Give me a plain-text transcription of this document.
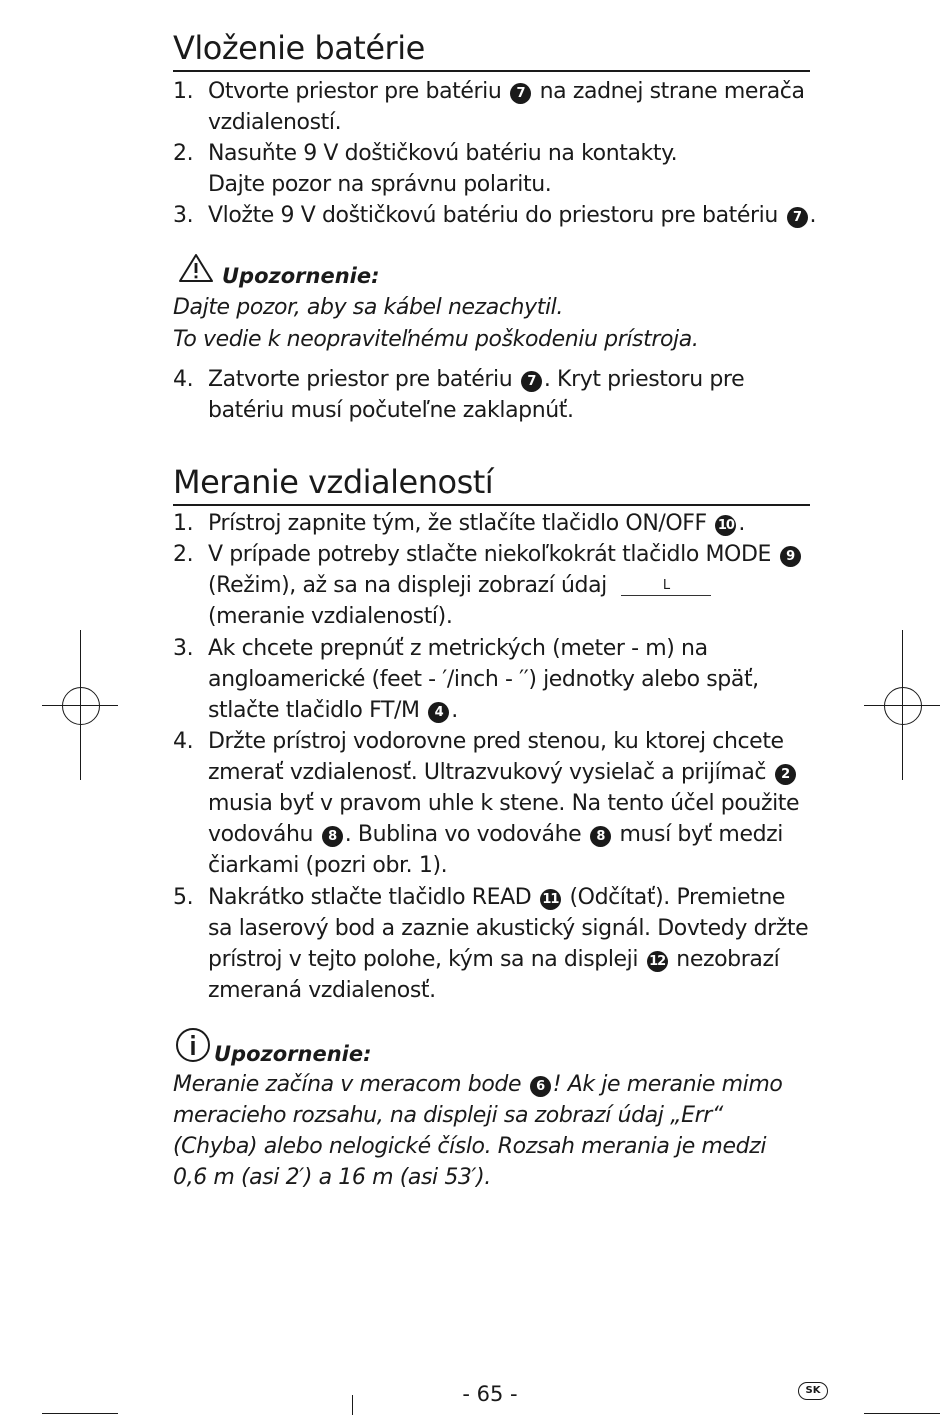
Vloženie batérie
1. Otvorte priestor pre batériu 7 na zadnej strane merača
vzdialeností.
2. Nasuňte 9 V doštičkovú batériu na kontakty.
Dajte pozor na správnu polaritu.
3. Vložte 9 V doštičkovú batériu do priestoru pre batériu 7 .
Upozornenie:
Dajte pozor, aby sa kábel nezachytil.
To vedie k neopraviteľnému poškodeniu prístroja.
4. Zatvorte priestor pre batériu 7 . Kryt priestoru pre
batériu musí počuteľne zaklapnúť.
Meranie vzdialeností
1. Prístroj zapnite tým, že stlačíte tlačidlo ON/OFF 10 .
2. V prípade potreby stlačte niekoľkokrát tlačidlo MODE 9
(Režim), až sa na displeji zobrazí údaj	L
(meranie vzdialeností).
3. Ak chcete prepnúť z metrických (meter - m) na
angloamerické (feet - ′/inch - ′′) jednotky alebo späť,
stlačte tlačidlo FT/M 4 .
4. Držte prístroj vodorovne pred stenou, ku ktorej chcete
zmerať vzdialenosť. Ultrazvukový vysielač a prijímač 2
musia byť v pravom uhle k stene. Na tento účel použite
vodováhu 8 . Bublina vo vodováhe 8 musí byť medzi
čiarkami (pozri obr. 1).
5. Nakrátko stlačte tlačidlo READ 11 (Odčítať). Premietne
sa laserový bod a zaznie akustický signál. Dovtedy držte
prístroj v tejto polohe, kým sa na displeji 12 nezobrazí
zmeraná vzdialenosť.
Upozornenie:
Meranie začína v meracom bode 6 ! Ak je meranie mimo
meracieho rozsahu, na displeji sa zobrazí údaj „Err“
(Chyba) alebo nelogické číslo. Rozsah merania je medzi
0,6 m (asi 2′) a 16 m (asi 53′).
- 65 -	SK
